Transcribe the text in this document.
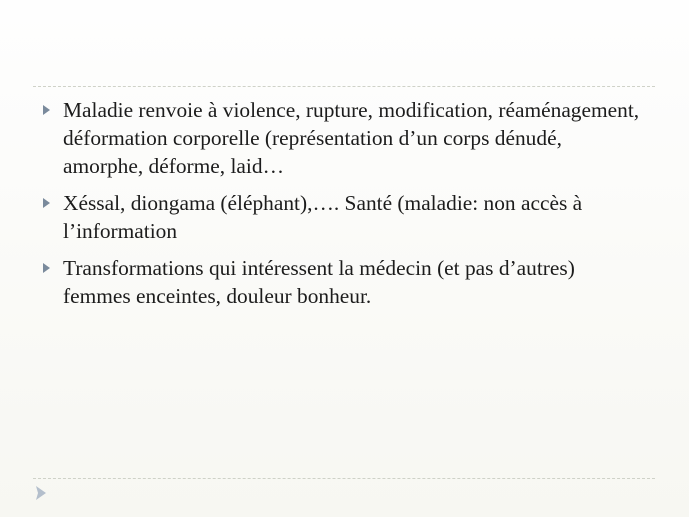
Maladie renvoie à violence, rupture, modification, réaménagement, déformation corporelle (représentation d’un corps dénudé, amorphe, déforme, laid…
Xéssal, diongama (éléphant),…. Santé (maladie: non accès à l’information
Transformations qui intéressent la médecin (et pas d’autres) femmes enceintes, douleur bonheur.
